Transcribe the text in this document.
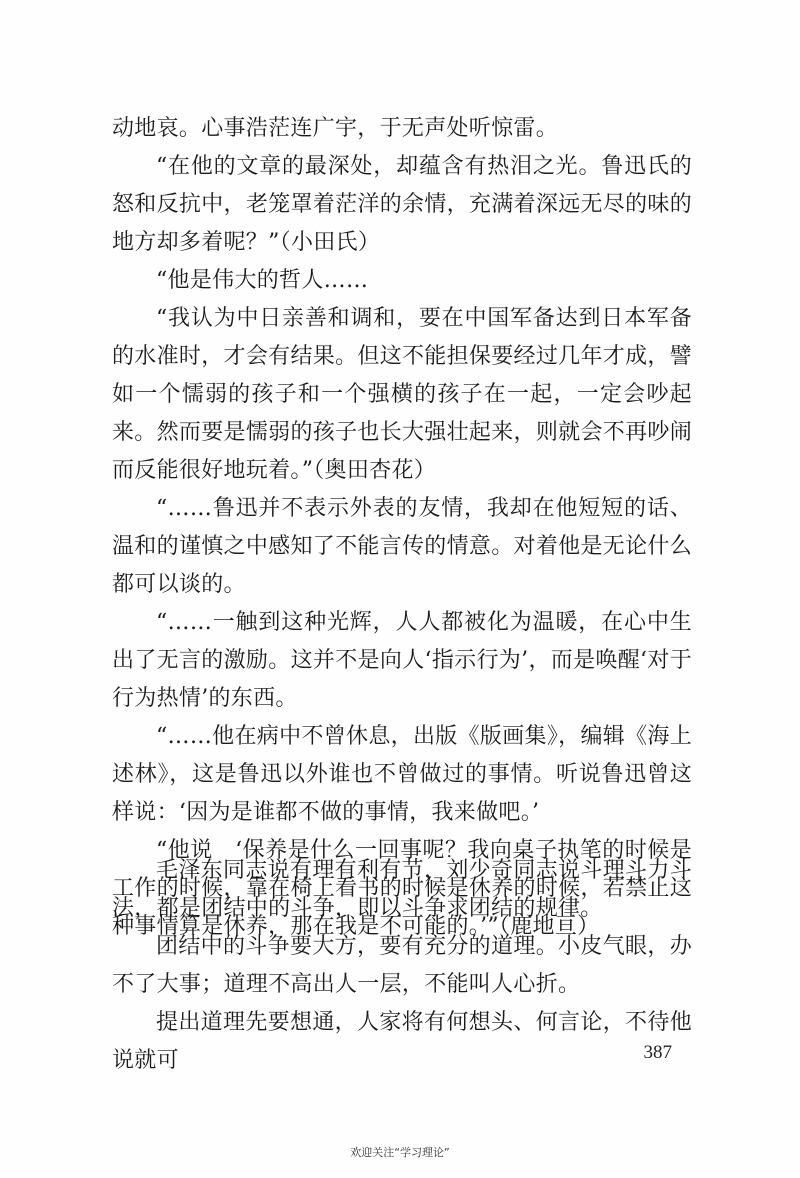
动地哀。心事浩茫连广宇，于无声处听惊雷。

“在他的文章的最深处，却蕴含有热泪之光。鲁迅氏的怒和反抗中，老笼罩着茫洋的余情，充满着深远无尽的味的地方却多着呢？”（小田氏）

“他是伟大的哲人……

“我认为中日亲善和调和，要在中国军备达到日本军备的水准时，才会有结果。但这不能担保要经过几年才成，譬如一个懦弱的孩子和一个强横的孩子在一起，一定会吵起来。然而要是懦弱的孩子也长大强壮起来，则就会不再吵闹而反能很好地玩着。”（奥田杏花）

“……鲁迅并不表示外表的友情，我却在他短短的话、温和的谨慎之中感知了不能言传的情意。对着他是无论什么都可以谈的。

“……一触到这种光辉，人人都被化为温暖，在心中生出了无言的激励。这并不是向人‘指示行为’，而是唤醒‘对于行为热情’的东西。

“……他在病中不曾休息，出版《版画集》，编辑《海上述林》，这是鲁迅以外谁也不曾做过的事情。听说鲁迅曾这样说：‘因为是谁都不做的事情，我来做吧。’

“他说　‘保养是什么一回事呢？我向桌子执笔的时候是工作的时候，靠在椅上看书的时候是休养的时候，若禁止这种事情算是休养，那在我是不可能的。’”（鹿地亘）

毛泽东同志说有理有利有节，刘少奇同志说斗理斗力斗法，都是团结中的斗争，即以斗争求团结的规律。

团结中的斗争要大方，要有充分的道理。小皮气眼，办不了大事；道理不高出人一层，不能叫人心折。

提出道理先要想通，人家将有何想头、何言论，不待他说就可	387
欢迎关注“学习理论”
